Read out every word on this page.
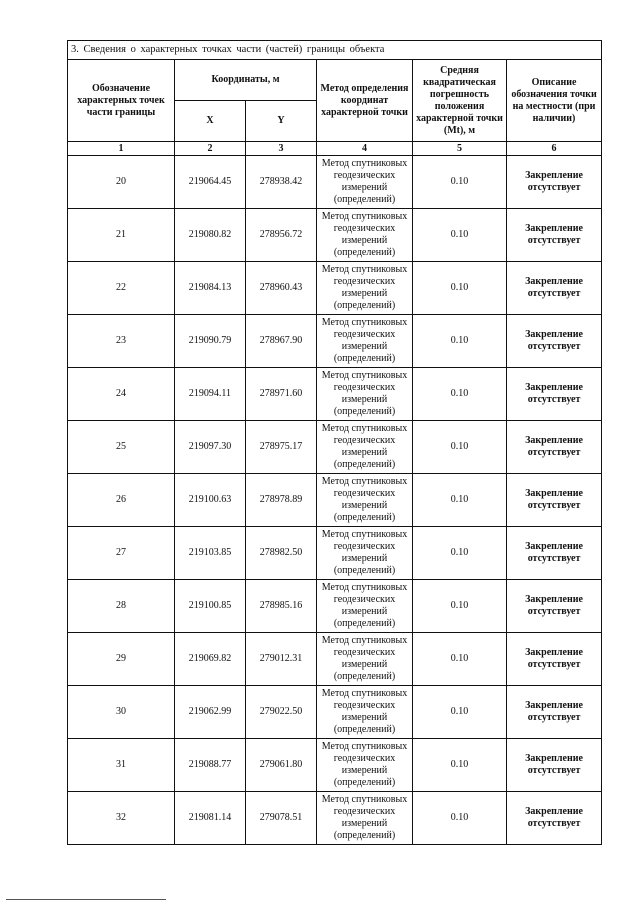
3. Сведения о характерных точках части (частей) границы объекта					
Обозначение характерных точек части границы	Координаты, м		Метод определения координат характерной точки	Средняя квадратическая погрешность положения характерной точки (Mt), м	Описание обозначения точки на местности (при наличии)
	X	Y			
1	2	3	4	5	6
20	219064.45	278938.42	Метод спутниковых геодезических измерений (определений)	0.10	Закрепление отсутствует
21	219080.82	278956.72	Метод спутниковых геодезических измерений (определений)	0.10	Закрепление отсутствует
22	219084.13	278960.43	Метод спутниковых геодезических измерений (определений)	0.10	Закрепление отсутствует
23	219090.79	278967.90	Метод спутниковых геодезических измерений (определений)	0.10	Закрепление отсутствует
24	219094.11	278971.60	Метод спутниковых геодезических измерений (определений)	0.10	Закрепление отсутствует
25	219097.30	278975.17	Метод спутниковых геодезических измерений (определений)	0.10	Закрепление отсутствует
26	219100.63	278978.89	Метод спутниковых геодезических измерений (определений)	0.10	Закрепление отсутствует
27	219103.85	278982.50	Метод спутниковых геодезических измерений (определений)	0.10	Закрепление отсутствует
28	219100.85	278985.16	Метод спутниковых геодезических измерений (определений)	0.10	Закрепление отсутствует
29	219069.82	279012.31	Метод спутниковых геодезических измерений (определений)	0.10	Закрепление отсутствует
30	219062.99	279022.50	Метод спутниковых геодезических измерений (определений)	0.10	Закрепление отсутствует
31	219088.77	279061.80	Метод спутниковых геодезических измерений (определений)	0.10	Закрепление отсутствует
32	219081.14	279078.51	Метод спутниковых геодезических измерений (определений)	0.10	Закрепление отсутствует
